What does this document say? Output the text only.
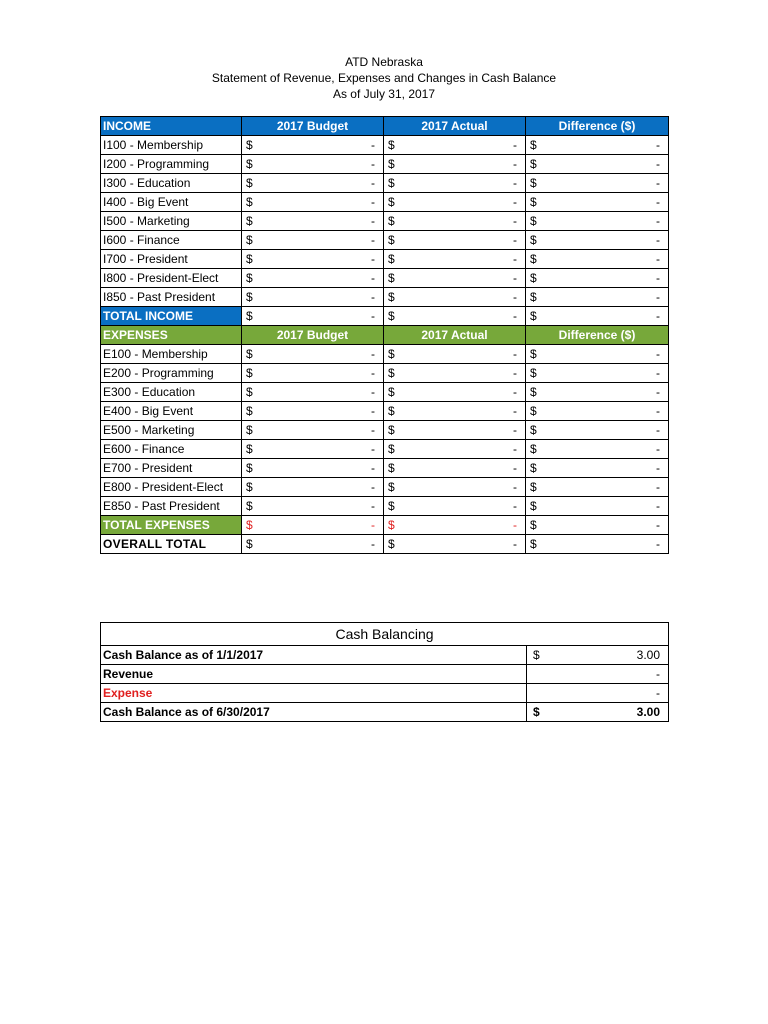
ATD Nebraska
Statement of Revenue, Expenses and Changes in Cash Balance
As of July 31, 2017
INCOME	2017 Budget	2017 Actual	Difference ($)
I100 - Membership	$ -	$ -	$ -

I200 - Programming	$ -	$ -	$ -

I300 - Education	$ -	$ -	$ -

I400 - Big Event	$ -	$ -	$ -

I500 - Marketing	$ -	$ -	$ -

I600 - Finance	$ -	$ -	$ -

I700 - President	$ -	$ -	$ -

I800 - President-Elect	$ -	$ -	$ -

I850 - Past President	$ -	$ -	$ -

TOTAL INCOME	$ -	$ -	$ -

EXPENSES	2017 Budget	2017 Actual	Difference ($)
E100 - Membership	$ -	$ -	$ -

E200 - Programming	$ -	$ -	$ -

E300 - Education	$ -	$ -	$ -

E400 - Big Event	$ -	$ -	$ -

E500 - Marketing	$ -	$ -	$ -

E600 - Finance	$ -	$ -	$ -

E700 - President	$ -	$ -	$ -

E800 - President-Elect	$ -	$ -	$ -

E850 - Past President	$ -	$ -	$ -

TOTAL EXPENSES	$ -	$ -	$ -

OVERALL TOTAL	$ -	$ -	$ -
Cash Balancing	
Cash Balance as of 1/1/2017	$ 3.00

Revenue	-

Expense	-

Cash Balance as of 6/30/2017	$ 3.00
